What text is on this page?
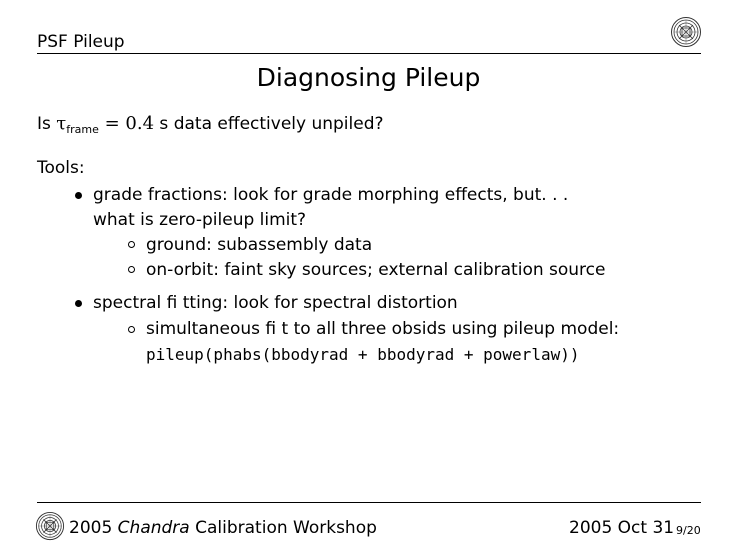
PSF Pileup
Diagnosing Pileup
Is $\tau_{frame} = 0.4$ s data effectively unpiled?
Tools:
grade fractions: look for grade morphing effects, but. . .
what is zero-pileup limit?
ground: subassembly data
on-orbit: faint sky sources; external calibration source
spectral fi tting: look for spectral distortion
simultaneous fi t to all three obsids using pileup model:
pileup(phabs(bbodyrad + bbodyrad + powerlaw))
2005 Chandra Calibration Workshop	2005 Oct 31 9/20
